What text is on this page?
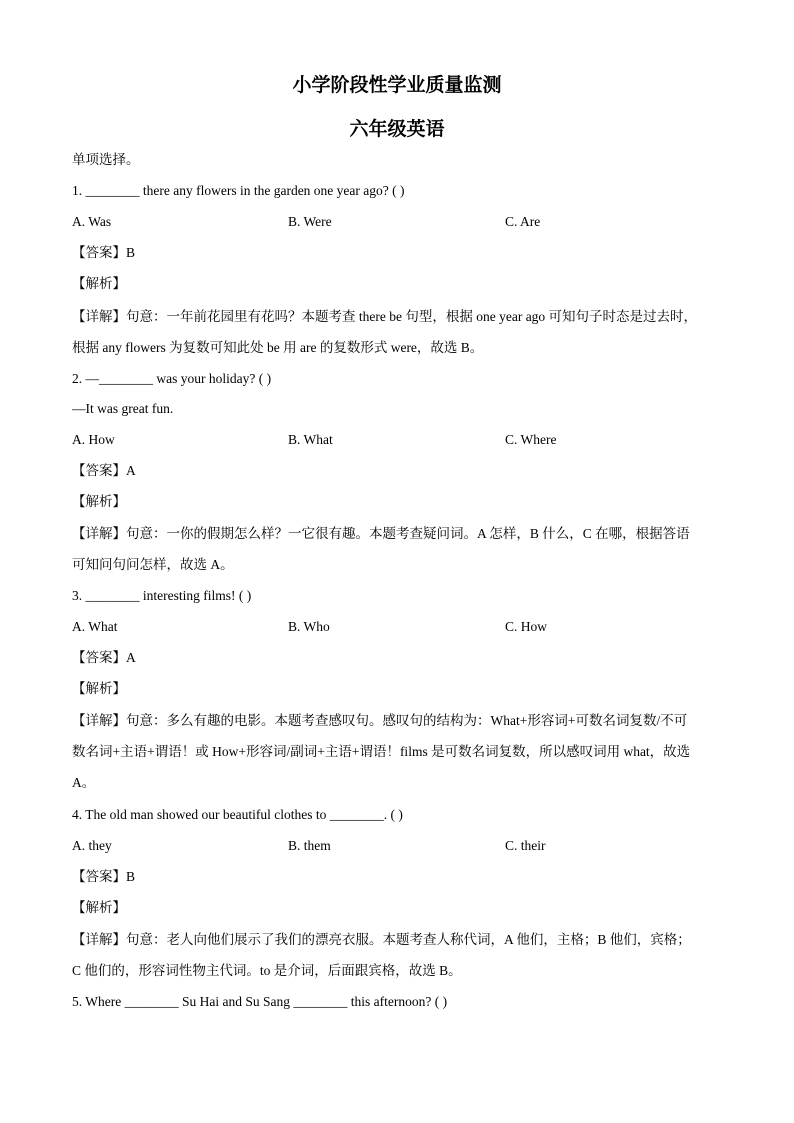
小学阶段性学业质量监测
六年级英语
单项选择。
1. ________ there any flowers in the garden one year ago? ( )
A. Was	B. Were	C. Are
【答案】B
【解析】
【详解】句意：一年前花园里有花吗？本题考查 there be 句型，根据 one year ago 可知句子时态是过去时，
根据 any flowers 为复数可知此处 be 用 are 的复数形式 were，故选 B。
2. —________ was your holiday? ( )
—It was great fun.
A. How	B. What	C. Where
【答案】A
【解析】
【详解】句意：一你的假期怎么样？一它很有趣。本题考查疑问词。A 怎样，B 什么，C 在哪，根据答语
可知问句问怎样，故选 A。
3. ________ interesting films! ( )
A. What	B. Who	C. How
【答案】A
【解析】
【详解】句意：多么有趣的电影。本题考查感叹句。感叹句的结构为：What+形容词+可数名词复数/不可
数名词+主语+谓语！或 How+形容词/副词+主语+谓语！films 是可数名词复数，所以感叹词用 what，故选
A。
4. The old man showed our beautiful clothes to ________. ( )
A. they	B. them	C. their
【答案】B
【解析】
【详解】句意：老人向他们展示了我们的漂亮衣服。本题考查人称代词，A 他们，主格；B 他们，宾格；
C 他们的，形容词性物主代词。to 是介词，后面跟宾格，故选 B。
5. Where ________ Su Hai and Su Sang ________ this afternoon? ( )
